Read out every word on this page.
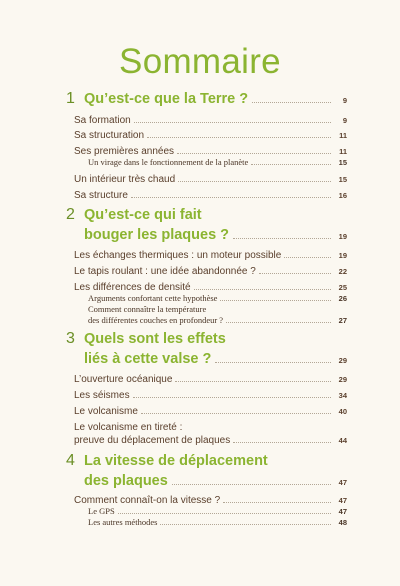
Sommaire
1 Qu’est-ce que la Terre ?	9
Sa formation	9
Sa structuration	11
Ses premières années	11
Un virage dans le fonctionnement de la planète	15
Un intérieur très chaud	15
Sa structure	16
2 Qu’est-ce qui fait
bouger les plaques ?	19
Les échanges thermiques : un moteur possible	19
Le tapis roulant : une idée abandonnée ?	22
Les différences de densité	25
Arguments confortant cette hypothèse	26
Comment connaître la température
des différentes couches en profondeur ?	27
3 Quels sont les effets
liés à cette valse ?	29
L’ouverture océanique	29
Les séismes	34
Le volcanisme	40
Le volcanisme en tireté :
preuve du déplacement de plaques	44
4 La vitesse de déplacement
des plaques	47
Comment connaît-on la vitesse ?	47
Le GPS	47
Les autres méthodes	48
